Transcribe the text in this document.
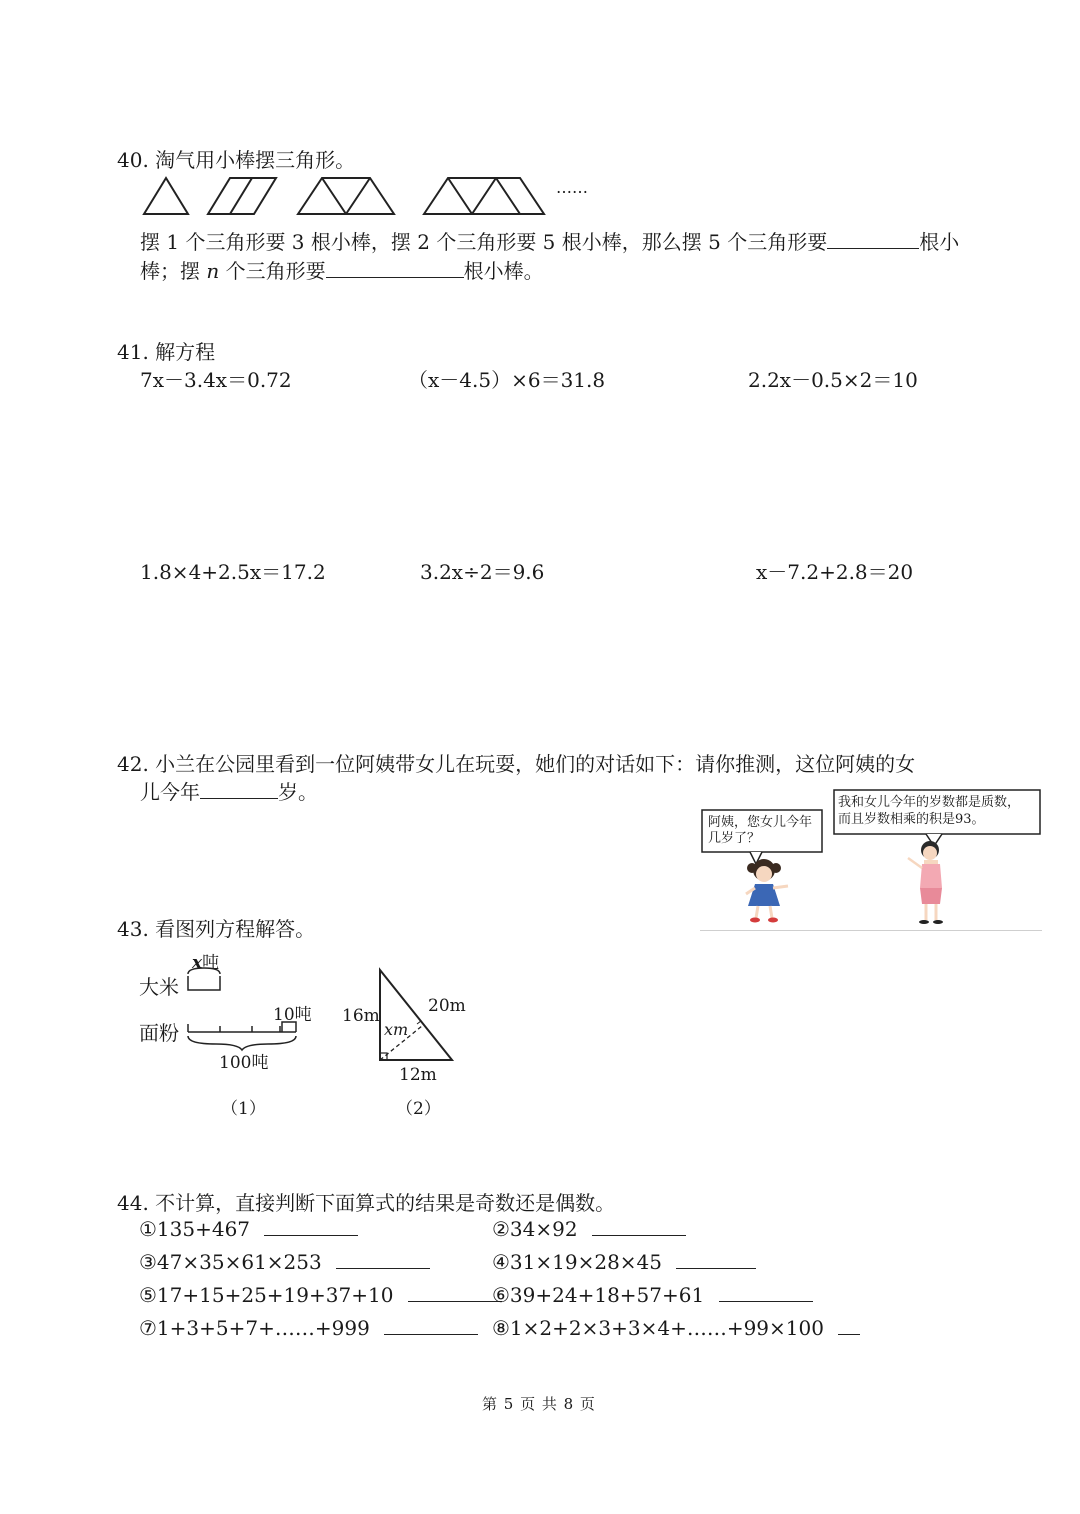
40. 淘气用小棒摆三角形。
……
摆 1 个三角形要 3 根小棒，摆 2 个三角形要 5 根小棒，那么摆 5 个三角形要	根小
棒；摆 n 个三角形要	根小棒。
41. 解方程
7x－3.4x＝0.72	（x－4.5）×6＝31.8	2.2x－0.5×2＝10
1.8×4+2.5x＝17.2	3.2x÷2＝9.6	x－7.2+2.8＝20
42. 小兰在公园里看到一位阿姨带女儿在玩耍，她们的对话如下：请你推测，这位阿姨的女
儿今年	岁。
阿姨，您女儿今年
几岁了？
我和女儿今年的岁数都是质数，
而且岁数相乘的积是93。
43. 看图列方程解答。
x吨
大米
面粉
10吨
100吨
（1）
16m	20m
xm
12m
（2）
44. 不计算，直接判断下面算式的结果是奇数还是偶数。
①135+467	②34×92
③47×35×61×253	④31×19×28×45
⑤17+15+25+19+37+10	⑥39+24+18+57+61
⑦1+3+5+7+……+999	⑧1×2+2×3+3×4+……+99×100
第 5 页 共 8 页
